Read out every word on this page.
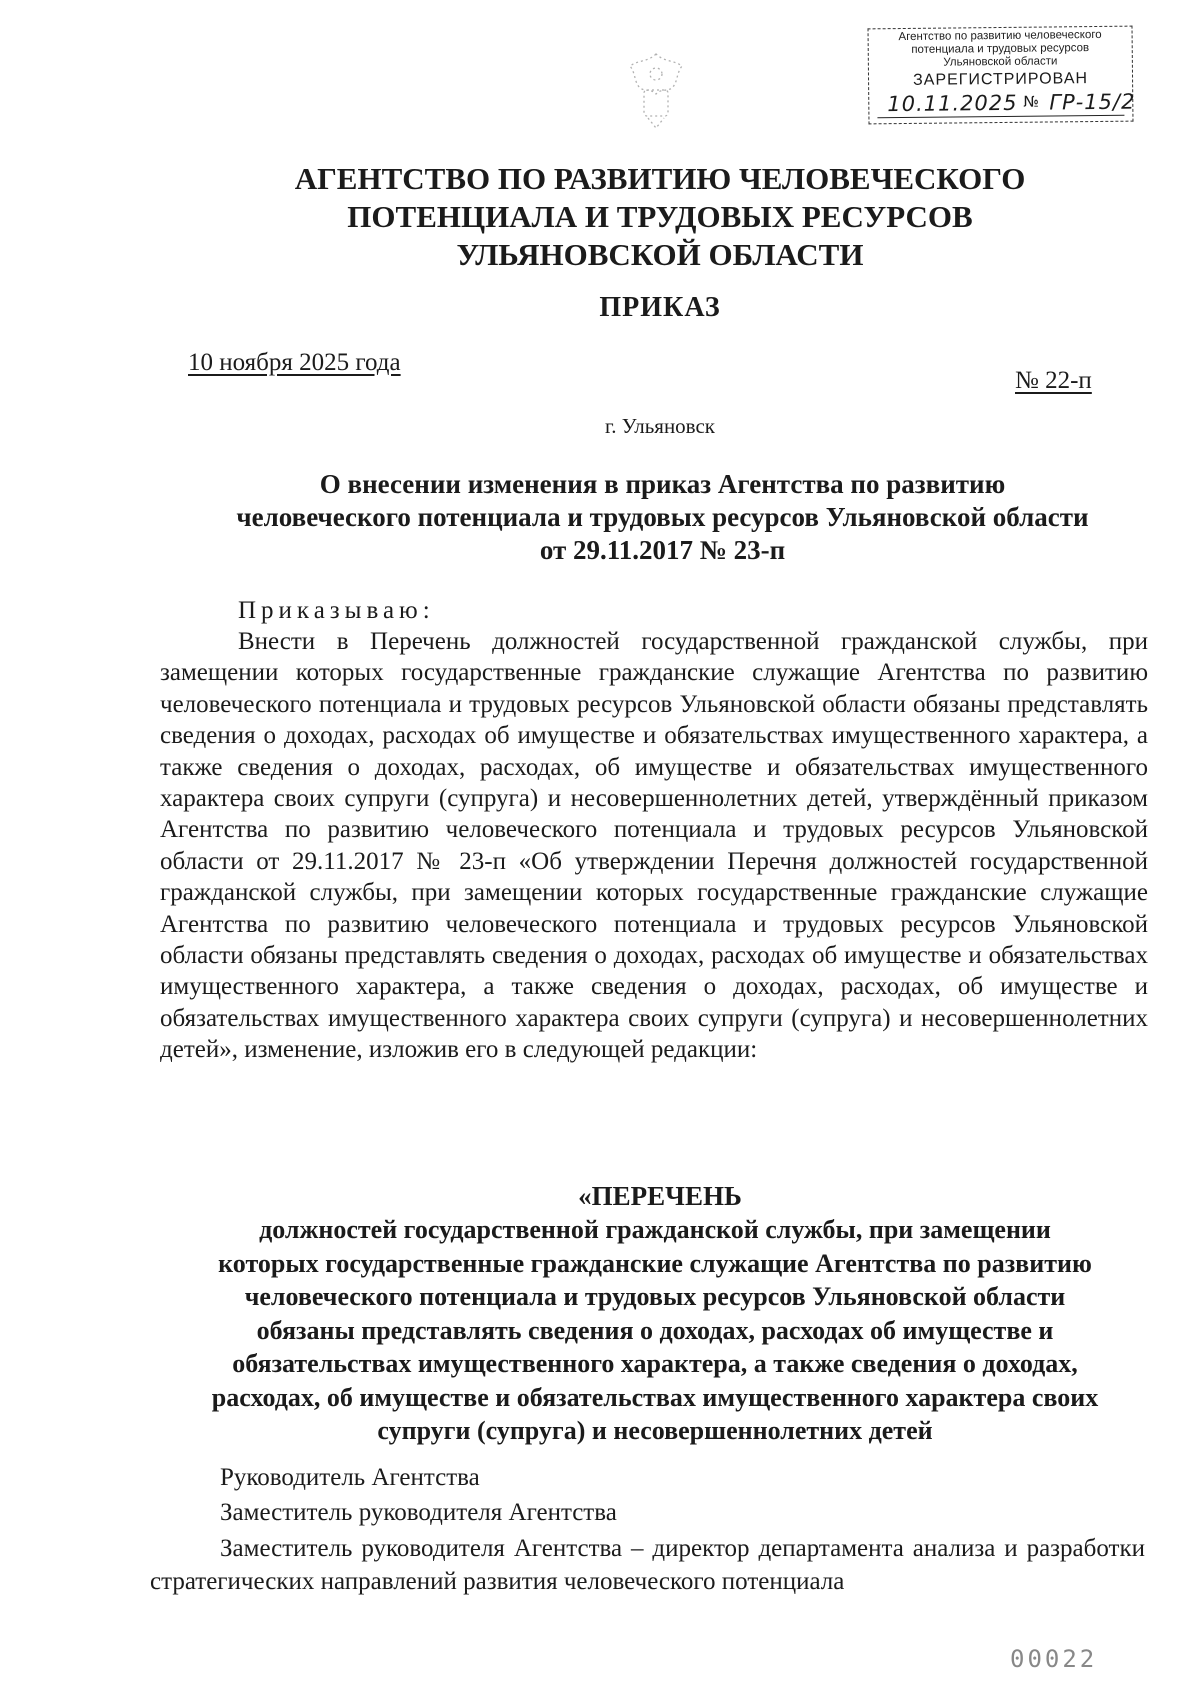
Агентство по развитию человеческого
потенциала и трудовых ресурсов
Ульяновской области
ЗАРЕГИСТРИРОВАН
10.11.2025 № ГР-15/2
АГЕНТСТВО ПО РАЗВИТИЮ ЧЕЛОВЕЧЕСКОГО
ПОТЕНЦИАЛА И ТРУДОВЫХ РЕСУРСОВ
УЛЬЯНОВСКОЙ ОБЛАСТИ
ПРИКАЗ
10 ноября 2025 года
№ 22-п
г. Ульяновск
О внесении изменения в приказ Агентства по развитию
человеческого потенциала и трудовых ресурсов Ульяновской области
от 29.11.2017 № 23-п
Приказываю:

Внести в Перечень должностей государственной гражданской службы, при замещении которых государственные гражданские служащие Агентства по развитию человеческого потенциала и трудовых ресурсов Ульяновской области обязаны представлять сведения о доходах, расходах об имуществе и обязательствах имущественного характера, а также сведения о доходах, расходах, об имуществе и обязательствах имущественного характера своих супруги (супруга) и несовершеннолетних детей, утверждённый приказом Агентства по развитию человеческого потенциала и трудовых ресурсов Ульяновской области от 29.11.2017 № 23-п «Об утверждении Перечня должностей государственной гражданской службы, при замещении которых государственные гражданские служащие Агентства по развитию человеческого потенциала и трудовых ресурсов Ульяновской области обязаны представлять сведения о доходах, расходах об имуществе и обязательствах имущественного характера, а также сведения о доходах, расходах, об имуществе и обязательствах имущественного характера своих супруги (супруга) и несовершеннолетних детей», изменение, изложив его в следующей редакции:

«ПЕРЕЧЕНЬ
должностей государственной гражданской службы, при замещении
которых государственные гражданские служащие Агентства по развитию
человеческого потенциала и трудовых ресурсов Ульяновской области
обязаны представлять сведения о доходах, расходах об имуществе и
обязательствах имущественного характера, а также сведения о доходах,
расходах, об имуществе и обязательствах имущественного характера своих
супруги (супруга) и несовершеннолетних детей
Руководитель Агентства
Заместитель руководителя Агентства

Заместитель руководителя Агентства – директор департамента анализа и разработки стратегических направлений развития человеческого потенциала

00022
